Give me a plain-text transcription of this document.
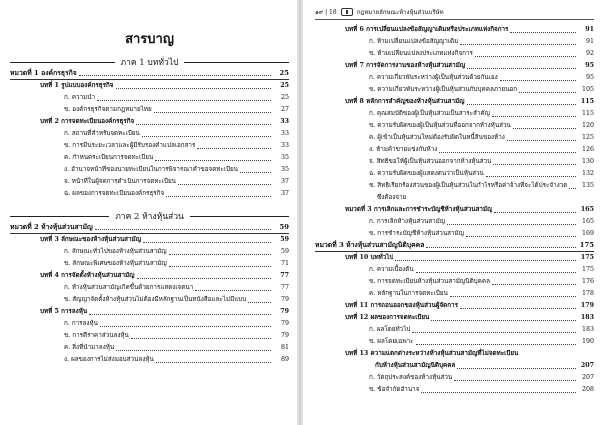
สารบาญ
ภาค 1 บททั่วไป
หมวดที่ 1 องค์กรธุรกิจ	25
บทที่ 1 รูปแบบองค์กรธุรกิจ	25
ก. ความนำ	25
ข. องค์กรธุรกิจตามกฎหมายไทย	27
บทที่ 2 การจดทะเบียนองค์กรธุรกิจ	33
ก. สถานที่สำหรับจดทะเบียน	33
ข. การมีนระยะเวลาและผู้มีรับรองคำแปลเอกสาร	33
ค. กำหนดระเบียนการจดทะเบียน	35
ง. อำนาจหน้าที่ของนายทะเบียนในการพิจารณาคำขอจดทะเบียน	35
จ. หน้าที่ในผู้จดการดำเนินการจดทะเบียน	37
ฉ. ผลของการจดทะเบียนองค์กรธุรกิจ	37
ภาค 2 ห้างหุ้นส่วน
หมวดที่ 2 ห้างหุ้นส่วนสามัญ	59
บทที่ 3 ลักษณะของห้างหุ้นส่วนสามัญ	59
ก. ลักษณะทั่วไปของห้างหุ้นส่วนสามัญ	59
ข. ลักษณะพิเศษของห้างหุ้นส่วนสามัญ	71
บทที่ 4 การจัดตั้งห้างหุ้นส่วนสามัญ	77
ก. ห้างหุ้นส่วนสามัญเกิดขึ้นด้วยการแสดงเจตนา	77
ข. สัญญาจัดตั้งห้างหุ้นส่วนไม่ต้องมีหลักฐานเป็นหนังสือและไม่มีแบบ	79
บทที่ 5 การลงหุ้น	79
ก. การลงหุ้น	79
ข. การตีราคาส่วนลงหุ้น	79
ค. สิ่งที่นำมาลงหุ้น	81
ง. ผลของการไม่ส่งมอบส่วนลงหุ้น	89
๑๙ | 18	กฎหมายลักษณะห้างหุ้นส่วนบริษัท
บทที่ 6 การเปลี่ยนแปลงข้อสัญญาเดิมหรือประเภทแห่งกิจการ	91
ก. ห้ามเปลี่ยนแปลงข้อสัญญาเดิม	91
ข. ห้ามเปลี่ยนแปลงประเภทแห่งกิจการ	92
บทที่ 7 การจัดการงานของห้างหุ้นส่วนสามัญ	95
ก. ความเกี่ยวพันระหว่างผู้เป็นหุ้นส่วนด้วยกันเอง	95
ข. ความเกี่ยวพันระหว่างผู้เป็นหุ้นส่วนกับบุคคลภายนอก	105
บทที่ 8 หลักการสำคัญของห้างหุ้นส่วนสามัญ	115
ก. คุณสมบัติของผู้เป็นหุ้นส่วนเป็นสาระสำคัญ	115
ข. ความรับผิดของผู้เป็นหุ้นส่วนที่ออกจากห้างหุ้นส่วน	120
ค. ผู้เข้าเป็นหุ้นส่วนใหม่ต้องรับผิดในหนี้สินของห้าง	125
ง. ห้ามค้าขายแข่งกับห้าง	126
จ. สิทธิขอให้ผู้เป็นหุ้นส่วนออกจากห้างหุ้นส่วน	130
ฉ. ความรับผิดของผู้แสดงตนว่าเป็นหุ้นส่วน	132
ช. สิทธิเรียกร้องส่วนของผู้เป็นหุ้นส่วนในกำไรหรือค่าจ้างที่จะได้ประจำงวด	135
ซึ่งต้องจ่าย
หมวดที่ 3 การเลิกและการชำระบัญชีห้างหุ้นส่วนสามัญ	165
ก. การเลิกห้างหุ้นส่วนสามัญ	165
ข. การชำระบัญชีห้างหุ้นส่วนสามัญ	169
หมวดที่ 3 ห้างหุ้นส่วนสามัญนิติบุคคล	175
บทที่ 10 บททั่วไป	175
ก. ความเบื้องต้น	175
ข. การจดทะเบียนห้างหุ้นส่วนสามัญนิติบุคคล	176
ค. หลักฐานในการจดทะเบียน	178
บทที่ 11 การถอนออกของหุ้นส่วนผู้จัดการ	179
บทที่ 12 ผลของการจดทะเบียน	183
ก. ผลโดยทั่วไป	183
ข. ผลโดยเฉพาะ	190
บทที่ 13 ความแตกต่างระหว่างห้างหุ้นส่วนสามัญที่ไม่จดทะเบียน
กับห้างหุ้นส่วนสามัญนิติบุคคล	207
ก. วัตถุประสงค์ของห้างหุ้นส่วน	207
ข. ข้อจำกัดอำนาจ	208
